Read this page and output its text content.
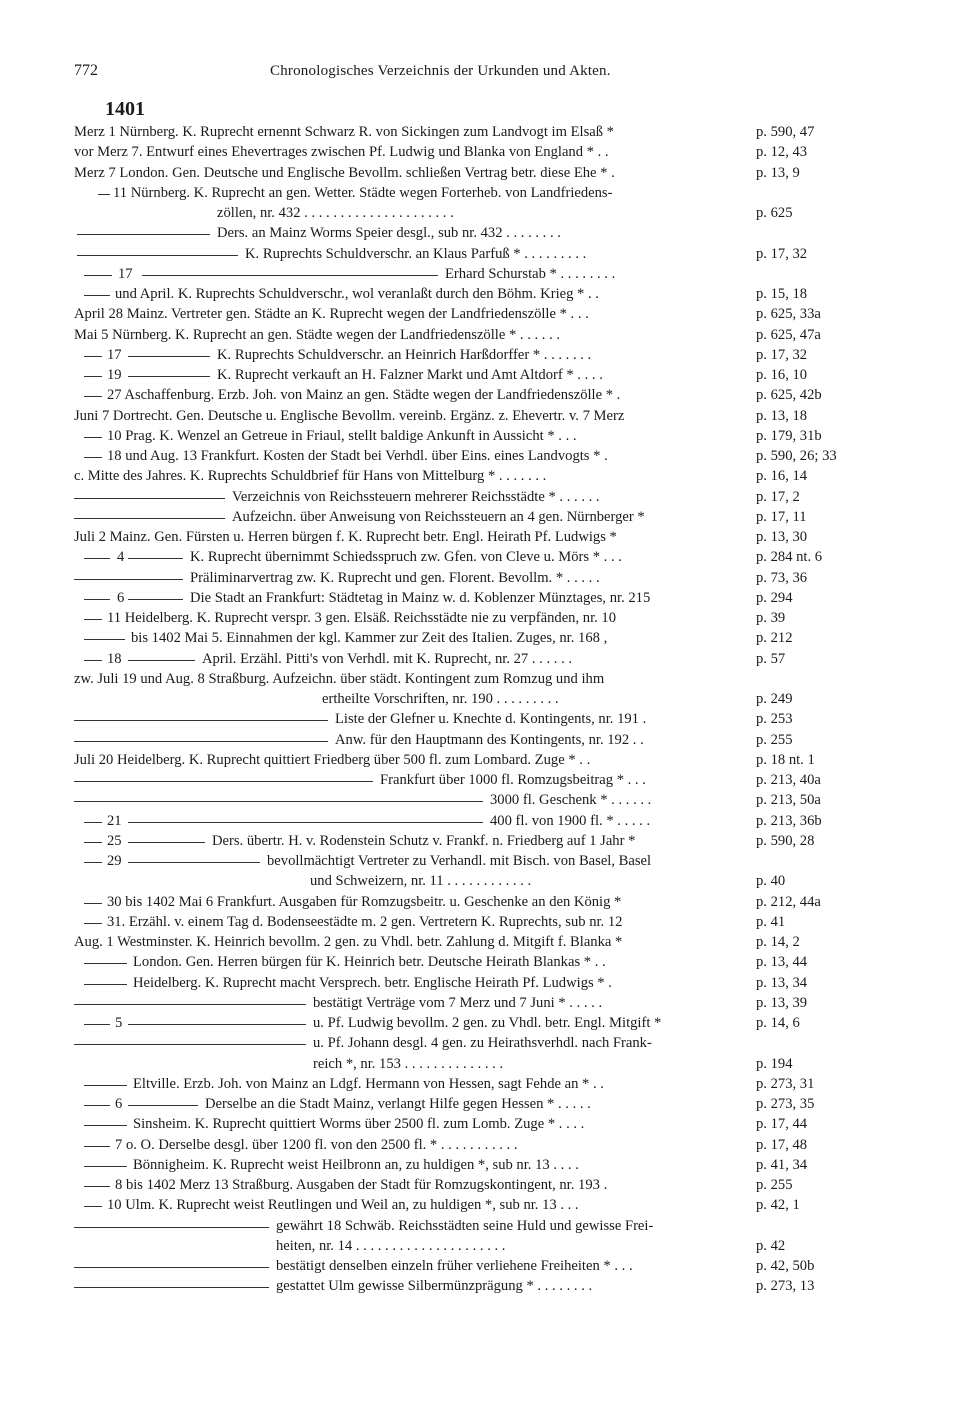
772	Chronologisches Verzeichnis der Urkunden und Akten.
1401
Merz 1 Nürnberg. K. Ruprecht ernennt Schwarz R. von Sickingen zum Landvogt im Elsaß *	p. 590, 47
vor Merz 7. Entwurf eines Ehevertrages zwischen Pf. Ludwig und Blanka von England * . .	p. 12, 43
Merz 7 London. Gen. Deutsche und Englische Bevollm. schließen Vertrag betr. diese Ehe * .	p. 13, 9
11 Nürnberg. K. Ruprecht an gen. Wetter. Städte wegen Forterheb. von Landfriedens-
zöllen, nr. 432 . . . . . . . . . . . . . . . . . . . . .	p. 625
Ders. an Mainz Worms Speier desgl., sub nr. 432 . . . . . . . .
K. Ruprechts Schuldverschr. an Klaus Parfuß * . . . . . . . . .	p. 17, 32
17	Erhard Schurstab * . . . . . . . .
und April. K. Ruprechts Schuldverschr., wol veranlaßt durch den Böhm. Krieg * . .	p. 15, 18
April 28 Mainz. Vertreter gen. Städte an K. Ruprecht wegen der Landfriedenszölle * . . .	p. 625, 33a
Mai 5 Nürnberg. K. Ruprecht an gen. Städte wegen der Landfriedenszölle * . . . . . .	p. 625, 47a
17	K. Ruprechts Schuldverschr. an Heinrich Harßdorffer * . . . . . . .	p. 17, 32
19	K. Ruprecht verkauft an H. Falzner Markt und Amt Altdorf * . . . .	p. 16, 10
27 Aschaffenburg. Erzb. Joh. von Mainz an gen. Städte wegen der Landfriedenszölle * .	p. 625, 42b
Juni 7 Dortrecht. Gen. Deutsche u. Englische Bevollm. vereinb. Ergänz. z. Ehevertr. v. 7 Merz	p. 13, 18
10 Prag. K. Wenzel an Getreue in Friaul, stellt baldige Ankunft in Aussicht * . . .	p. 179, 31b
18 und Aug. 13 Frankfurt. Kosten der Stadt bei Verhdl. über Eins. eines Landvogts * .	p. 590, 26; 33
c. Mitte des Jahres. K. Ruprechts Schuldbrief für Hans von Mittelburg * . . . . . . .	p. 16, 14
Verzeichnis von Reichssteuern mehrerer Reichsstädte * . . . . . .	p. 17, 2
Aufzeichn. über Anweisung von Reichssteuern an 4 gen. Nürnberger *	p. 17, 11
Juli 2 Mainz. Gen. Fürsten u. Herren bürgen f. K. Ruprecht betr. Engl. Heirath Pf. Ludwigs *	p. 13, 30
4	K. Ruprecht übernimmt Schiedsspruch zw. Gfen. von Cleve u. Mörs * . . .	p. 284 nt. 6
Präliminarvertrag zw. K. Ruprecht und gen. Florent. Bevollm. * . . . . .	p. 73, 36
6	Die Stadt an Frankfurt: Städtetag in Mainz w. d. Koblenzer Münztages, nr. 215	p. 294
11 Heidelberg. K. Ruprecht verspr. 3 gen. Elsäß. Reichsstädte nie zu verpfänden, nr. 10	p. 39
bis 1402 Mai 5. Einnahmen der kgl. Kammer zur Zeit des Italien. Zuges, nr. 168 ,	p. 212
18	April. Erzähl. Pitti's von Verhdl. mit K. Ruprecht, nr. 27 . . . . . .	p. 57
zw. Juli 19 und Aug. 8 Straßburg. Aufzeichn. über städt. Kontingent zum Romzug und ihm
ertheilte Vorschriften, nr. 190 . . . . . . . . .	p. 249
Liste der Glefner u. Knechte d. Kontingents, nr. 191 .	p. 253
Anw. für den Hauptmann des Kontingents, nr. 192 . .	p. 255
Juli 20 Heidelberg. K. Ruprecht quittiert Friedberg über 500 fl. zum Lombard. Zuge * . .	p. 18 nt. 1
Frankfurt über 1000 fl. Romzugsbeitrag * . . .	p. 213, 40a
3000 fl. Geschenk * . . . . . .	p. 213, 50a
21	400 fl. von 1900 fl. * . . . . .	p. 213, 36b
25	Ders. übertr. H. v. Rodenstein Schutz v. Frankf. n. Friedberg auf 1 Jahr *	p. 590, 28
29	bevollmächtigt Vertreter zu Verhandl. mit Bisch. von Basel, Basel
und Schweizern, nr. 11 . . . . . . . . . . . .	p. 40
30 bis 1402 Mai 6 Frankfurt. Ausgaben für Romzugsbeitr. u. Geschenke an den König *	p. 212, 44a
31. Erzähl. v. einem Tag d. Bodenseestädte m. 2 gen. Vertretern K. Ruprechts, sub nr. 12	p. 41
Aug. 1 Westminster. K. Heinrich bevollm. 2 gen. zu Vhdl. betr. Zahlung d. Mitgift f. Blanka *	p. 14, 2
London. Gen. Herren bürgen für K. Heinrich betr. Deutsche Heirath Blankas * . .	p. 13, 44
Heidelberg. K. Ruprecht macht Versprech. betr. Englische Heirath Pf. Ludwigs * .	p. 13, 34
bestätigt Verträge vom 7 Merz und 7 Juni * . . . . .	p. 13, 39
5	u. Pf. Ludwig bevollm. 2 gen. zu Vhdl. betr. Engl. Mitgift *	p. 14, 6
u. Pf. Johann desgl. 4 gen. zu Heirathsverhdl. nach Frank-
reich *, nr. 153 . . . . . . . . . . . . . .	p. 194
Eltville. Erzb. Joh. von Mainz an Ldgf. Hermann von Hessen, sagt Fehde an * . .	p. 273, 31
6	Derselbe an die Stadt Mainz, verlangt Hilfe gegen Hessen * . . . . .	p. 273, 35
Sinsheim. K. Ruprecht quittiert Worms über 2500 fl. zum Lomb. Zuge * . . . .	p. 17, 44
7 o. O. Derselbe desgl. über 1200 fl. von den 2500 fl. * . . . . . . . . . . .	p. 17, 48
Bönnigheim. K. Ruprecht weist Heilbronn an, zu huldigen *, sub nr. 13 . . . .	p. 41, 34
8 bis 1402 Merz 13 Straßburg. Ausgaben der Stadt für Romzugskontingent, nr. 193 .	p. 255
10 Ulm. K. Ruprecht weist Reutlingen und Weil an, zu huldigen *, sub nr. 13 . . .	p. 42, 1
gewährt 18 Schwäb. Reichsstädten seine Huld und gewisse Frei-
heiten, nr. 14 . . . . . . . . . . . . . . . . . . . . .	p. 42
bestätigt denselben einzeln früher verliehene Freiheiten * . . .	p. 42, 50b
gestattet Ulm gewisse Silbermünzprägung * . . . . . . . .	p. 273, 13
